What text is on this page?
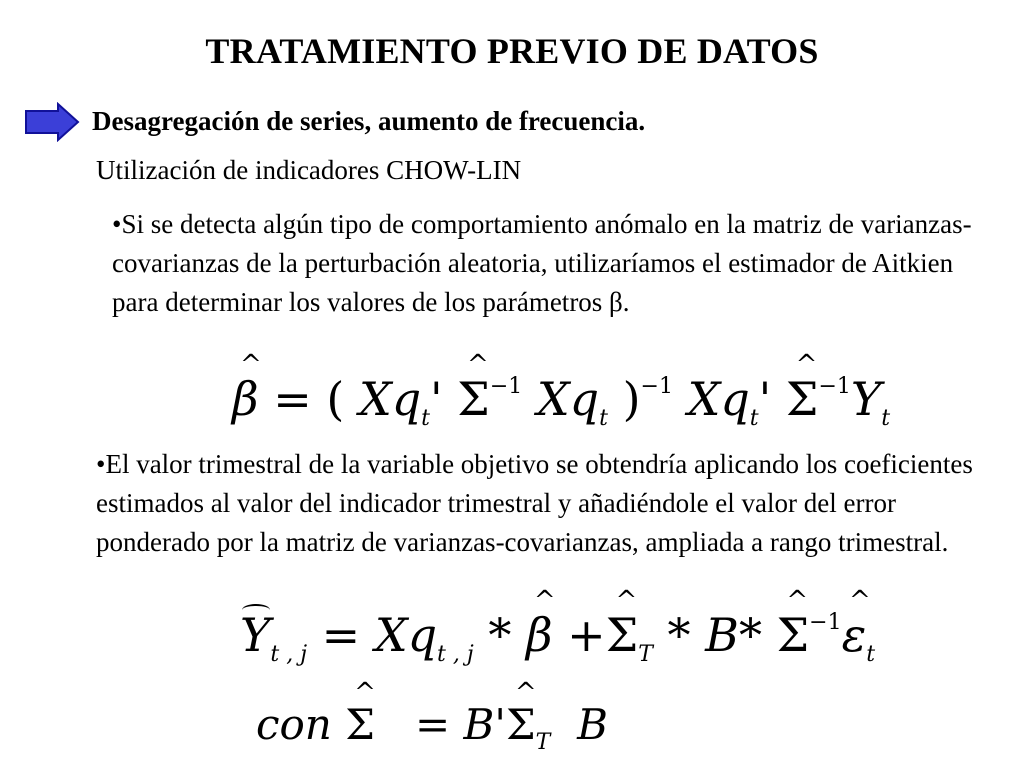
TRATAMIENTO PREVIO DE DATOS
Desagregación de series, aumento de frecuencia.
Utilización de indicadores CHOW-LIN
•Si se detecta algún tipo de comportamiento anómalo en la matriz de varianzas-covarianzas de la perturbación aleatoria, utilizaríamos el estimador de Aitkien para determinar los valores de los parámetros β.
^ β = ( $Xq_t'$ ^ $\Sigma^{-1}$ $Xq_t$ )$^{-1}$ $Xq_t'$ ^ $\Sigma^{-1}Y_t$
•El valor trimestral de la variable objetivo se obtendría aplicando los coeficientes estimados al valor del indicador trimestral y añadiéndole el valor del error ponderado por la matriz de varianzas-covarianzas, ampliada a rango trimestral.
$Y_{t , j} = Xq_{t , j}$ * ^ β +^ $\Sigma_T * B*$ ^ $\Sigma^{-1}\^{}$ $\varepsilon_t$
con ^ Σ = B'^ $\Sigma_T$ B
